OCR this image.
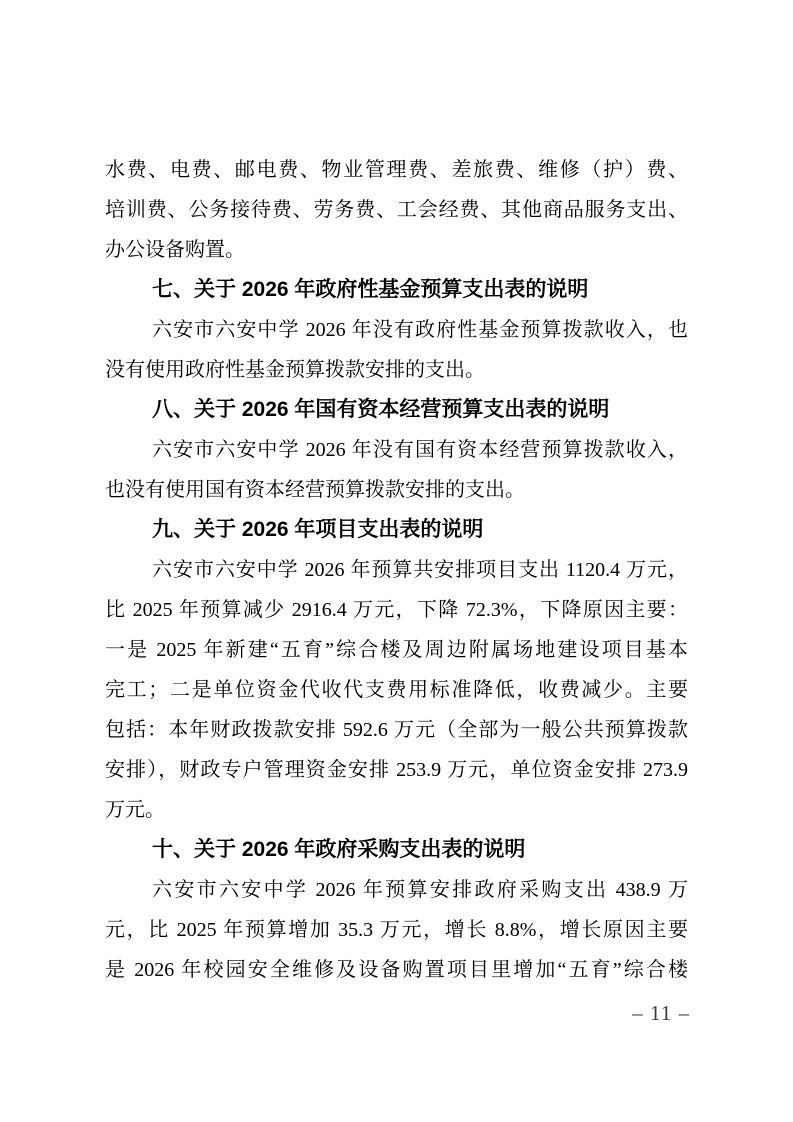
水费、电费、邮电费、物业管理费、差旅费、维修（护）费、
培训费、公务接待费、劳务费、工会经费、其他商品服务支出、
办公设备购置。
七、关于 2026 年政府性基金预算支出表的说明
六安市六安中学 2026 年没有政府性基金预算拨款收入，也
没有使用政府性基金预算拨款安排的支出。
八、关于 2026 年国有资本经营预算支出表的说明
六安市六安中学 2026 年没有国有资本经营预算拨款收入，
也没有使用国有资本经营预算拨款安排的支出。
九、关于 2026 年项目支出表的说明
六安市六安中学 2026 年预算共安排项目支出 1120.4 万元，
比 2025 年预算减少 2916.4 万元，下降 72.3%，下降原因主要：
一是 2025 年新建“五育”综合楼及周边附属场地建设项目基本
完工；二是单位资金代收代支费用标准降低，收费减少。主要
包括：本年财政拨款安排 592.6 万元（全部为一般公共预算拨款
安排），财政专户管理资金安排 253.9 万元，单位资金安排 273.9
万元。
十、关于 2026 年政府采购支出表的说明
六安市六安中学 2026 年预算安排政府采购支出 438.9 万
元，比 2025 年预算增加 35.3 万元，增长 8.8%，增长原因主要
是 2026 年校园安全维修及设备购置项目里增加“五育”综合楼
– 11 –
